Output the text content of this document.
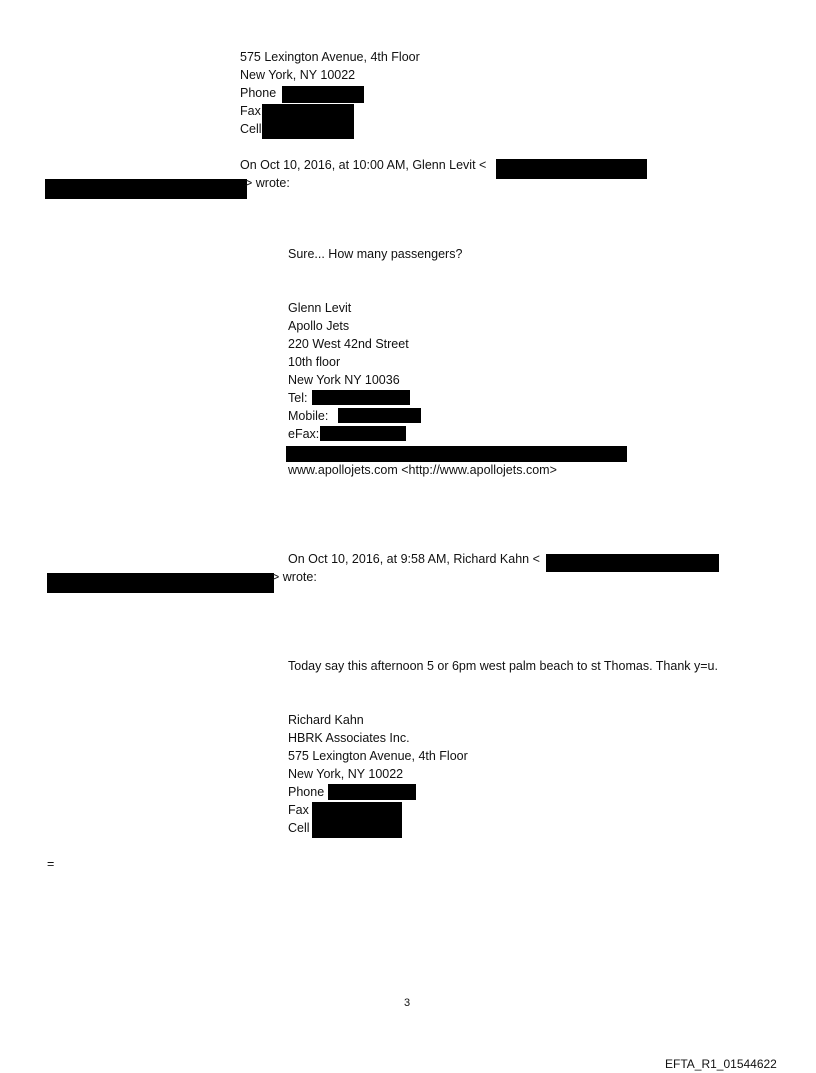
575 Lexington Avenue, 4th Floor
New York, NY 10022
Phone
Fax
Cell
On Oct 10, 2016, at 10:00 AM, Glenn Levit <
> wrote:
Sure... How many passengers?
Glenn Levit
Apollo Jets
220 West 42nd Street
10th floor
New York NY 10036
Tel:
Mobile:
eFax:
www.apollojets.com <http://www.apollojets.com>
On Oct 10, 2016, at 9:58 AM, Richard Kahn <
> wrote:
Today say this afternoon 5 or 6pm west palm beach to st Thomas. Thank y=u.
Richard Kahn
HBRK Associates Inc.
575 Lexington Avenue, 4th Floor
New York, NY 10022
Phone
Fax
Cell
=
3
EFTA_R1_01544622
